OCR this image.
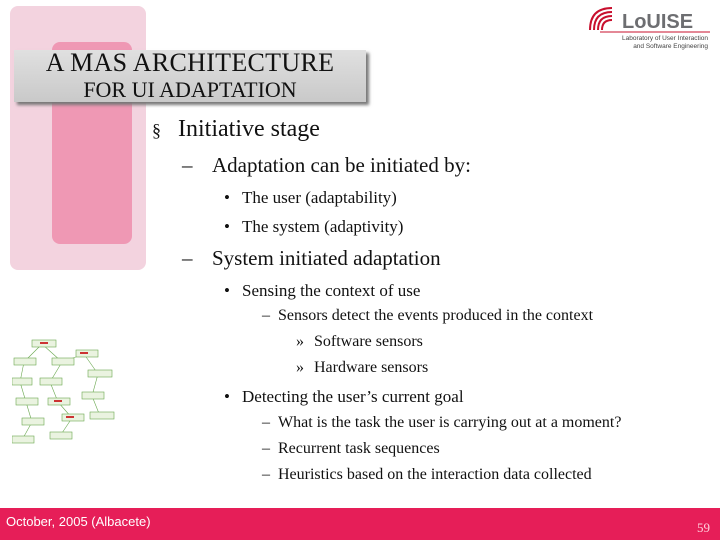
A MAS ARCHITECTURE
FOR UI ADAPTATION
LoUISE
Laboratory of User Interaction
and Software Engineering
§ Initiative stage
– Adaptation can be initiated by:
• The user (adaptability)
• The system (adaptivity)
– System initiated adaptation
• Sensing the context of use
– Sensors detect the events produced in the context
» Software sensors
» Hardware sensors
• Detecting the user’s current goal
– What is the task the user is carrying out at a moment?
– Recurrent task sequences
– Heuristics based on the interaction data collected
October, 2005 (Albacete)	59
